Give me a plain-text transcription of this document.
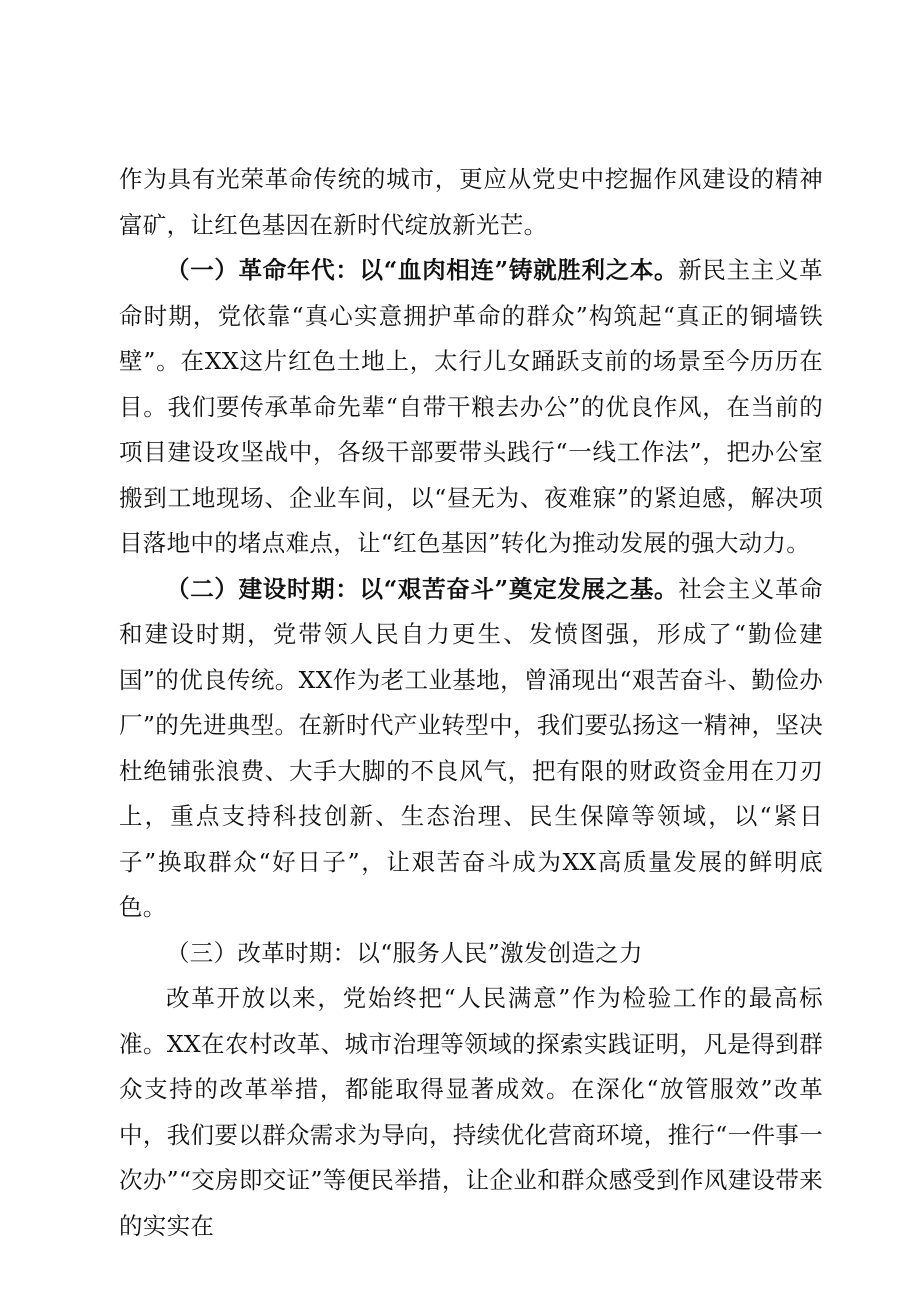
作为具有光荣革命传统的城市，更应从党史中挖掘作风建设的精神富矿，让红色基因在新时代绽放新光芒。

（一）革命年代：以“血肉相连”铸就胜利之本。新民主主义革命时期，党依靠“真心实意拥护革命的群众”构筑起“真正的铜墙铁壁”。在XX这片红色土地上，太行儿女踊跃支前的场景至今历历在目。我们要传承革命先辈“自带干粮去办公”的优良作风，在当前的项目建设攻坚战中，各级干部要带头践行“一线工作法”，把办公室搬到工地现场、企业车间，以“昼无为、夜难寐”的紧迫感，解决项目落地中的堵点难点，让“红色基因”转化为推动发展的强大动力。

（二）建设时期：以“艰苦奋斗”奠定发展之基。社会主义革命和建设时期，党带领人民自力更生、发愤图强，形成了“勤俭建国”的优良传统。XX作为老工业基地，曾涌现出“艰苦奋斗、勤俭办厂”的先进典型。在新时代产业转型中，我们要弘扬这一精神，坚决杜绝铺张浪费、大手大脚的不良风气，把有限的财政资金用在刀刃上，重点支持科技创新、生态治理、民生保障等领域，以“紧日子”换取群众“好日子”，让艰苦奋斗成为XX高质量发展的鲜明底色。

（三）改革时期：以“服务人民”激发创造之力

改革开放以来，党始终把“人民满意”作为检验工作的最高标准。XX在农村改革、城市治理等领域的探索实践证明，凡是得到群众支持的改革举措，都能取得显著成效。在深化“放管服效”改革中，我们要以群众需求为导向，持续优化营商环境，推行“一件事一次办”“交房即交证”等便民举措，让企业和群众感受到作风建设带来的实实在
